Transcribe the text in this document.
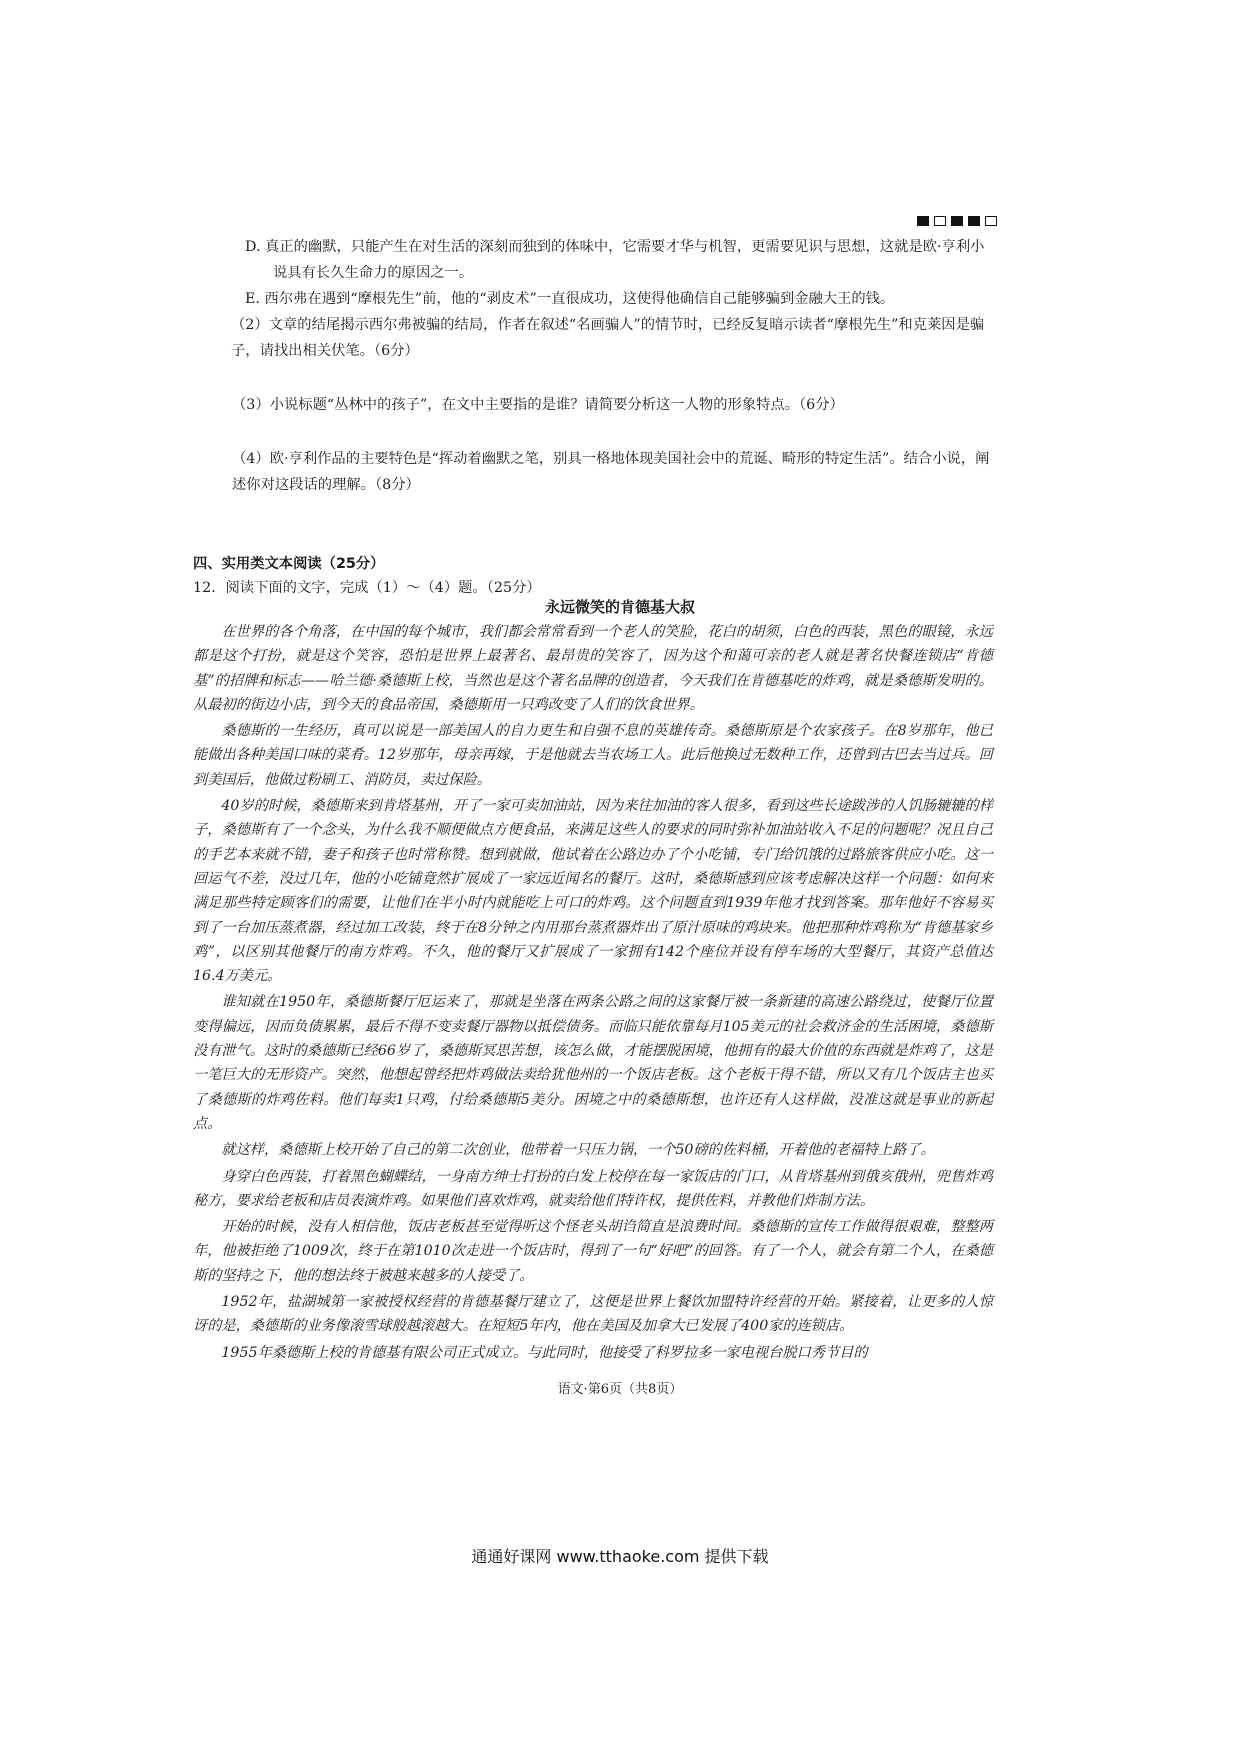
D. 真正的幽默，只能产生在对生活的深刻而独到的体味中，它需要才华与机智，更需要见识与思想，这就是欧·亨利小说具有长久生命力的原因之一。

E. 西尔弗在遇到“摩根先生”前，他的“剥皮术”一直很成功，这使得他确信自己能够骗到金融大王的钱。

（2）文章的结尾揭示西尔弗被骗的结局，作者在叙述“名画骗人”的情节时，已经反复暗示读者“摩根先生”和克莱因是骗子，请找出相关伏笔。（6分）

（3）小说标题“丛林中的孩子”，在文中主要指的是谁？请简要分析这一人物的形象特点。（6分）

（4）欧·亨利作品的主要特色是“挥动着幽默之笔，别具一格地体现美国社会中的荒诞、畸形的特定生活”。结合小说，阐述你对这段话的理解。（8分）

四、实用类文本阅读（25分）
12．阅读下面的文字，完成（1）～（4）题。（25分）
永远微笑的肯德基大叔

在世界的各个角落，在中国的每个城市，我们都会常常看到一个老人的笑脸，花白的胡须，白色的西装，黑色的眼镜，永远都是这个打扮，就是这个笑容，恐怕是世界上最著名、最昂贵的笑容了，因为这个和蔼可亲的老人就是著名快餐连锁店“肯德基”的招牌和标志——哈兰德·桑德斯上校，当然也是这个著名品牌的创造者，今天我们在肯德基吃的炸鸡，就是桑德斯发明的。从最初的街边小店，到今天的食品帝国，桑德斯用一只鸡改变了人们的饮食世界。

桑德斯的一生经历，真可以说是一部美国人的自力更生和自强不息的英雄传奇。桑德斯原是个农家孩子。在8岁那年，他已能做出各种美国口味的菜肴。12岁那年，母亲再嫁，于是他就去当农场工人。此后他换过无数种工作，还曾到古巴去当过兵。回到美国后，他做过粉刷工、消防员，卖过保险。

40岁的时候，桑德斯来到肯塔基州，开了一家可卖加油站，因为来往加油的客人很多，看到这些长途跋涉的人饥肠辘辘的样子，桑德斯有了一个念头，为什么我不顺便做点方便食品，来满足这些人的要求的同时弥补加油站收入不足的问题呢？况且自己的手艺本来就不错，妻子和孩子也时常称赞。想到就做，他试着在公路边办了个小吃铺，专门给饥饿的过路旅客供应小吃。这一回运气不差，没过几年，他的小吃铺竟然扩展成了一家远近闻名的餐厅。这时，桑德斯感到应该考虑解决这样一个问题：如何来满足那些特定顾客们的需要，让他们在半小时内就能吃上可口的炸鸡。这个问题直到1939年他才找到答案。那年他好不容易买到了一台加压蒸煮器，经过加工改装，终于在8分钟之内用那台蒸煮器炸出了原汁原味的鸡块来。他把那种炸鸡称为“肯德基家乡鸡”，以区别其他餐厅的南方炸鸡。不久，他的餐厅又扩展成了一家拥有142个座位并设有停车场的大型餐厅，其资产总值达16.4万美元。

谁知就在1950年，桑德斯餐厅厄运来了，那就是坐落在两条公路之间的这家餐厅被一条新建的高速公路绕过，使餐厅位置变得偏远，因而负债累累，最后不得不变卖餐厅器物以抵偿债务。而临只能依靠每月105美元的社会救济金的生活困境，桑德斯没有泄气。这时的桑德斯已经66岁了，桑德斯冥思苦想，该怎么做，才能摆脱困境，他拥有的最大价值的东西就是炸鸡了，这是一笔巨大的无形资产。突然，他想起曾经把炸鸡做法卖给犹他州的一个饭店老板。这个老板干得不错，所以又有几个饭店主也买了桑德斯的炸鸡佐料。他们每卖1只鸡，付给桑德斯5美分。困境之中的桑德斯想，也许还有人这样做，没准这就是事业的新起点。

就这样，桑德斯上校开始了自己的第二次创业，他带着一只压力锅，一个50磅的佐料桶，开着他的老福特上路了。

身穿白色西装，打着黑色蝴蝶结，一身南方绅士打扮的白发上校停在每一家饭店的门口，从肯塔基州到俄亥俄州，兜售炸鸡秘方，要求给老板和店员表演炸鸡。如果他们喜欢炸鸡，就卖给他们特许权，提供佐料，并教他们炸制方法。

开始的时候，没有人相信他，饭店老板甚至觉得听这个怪老头胡诌简直是浪费时间。桑德斯的宣传工作做得很艰难，整整两年，他被拒绝了1009次，终于在第1010次走进一个饭店时，得到了一句“好吧”的回答。有了一个人，就会有第二个人，在桑德斯的坚持之下，他的想法终于被越来越多的人接受了。

1952年，盐湖城第一家被授权经营的肯德基餐厅建立了，这便是世界上餐饮加盟特许经营的开始。紧接着，让更多的人惊讶的是，桑德斯的业务像滚雪球般越滚越大。在短短5年内，他在美国及加拿大已发展了400家的连锁店。

1955年桑德斯上校的肯德基有限公司正式成立。与此同时，他接受了科罗拉多一家电视台脱口秀节目的

语文·第6页（共8页）
通通好课网 www.tthaoke.com 提供下载
